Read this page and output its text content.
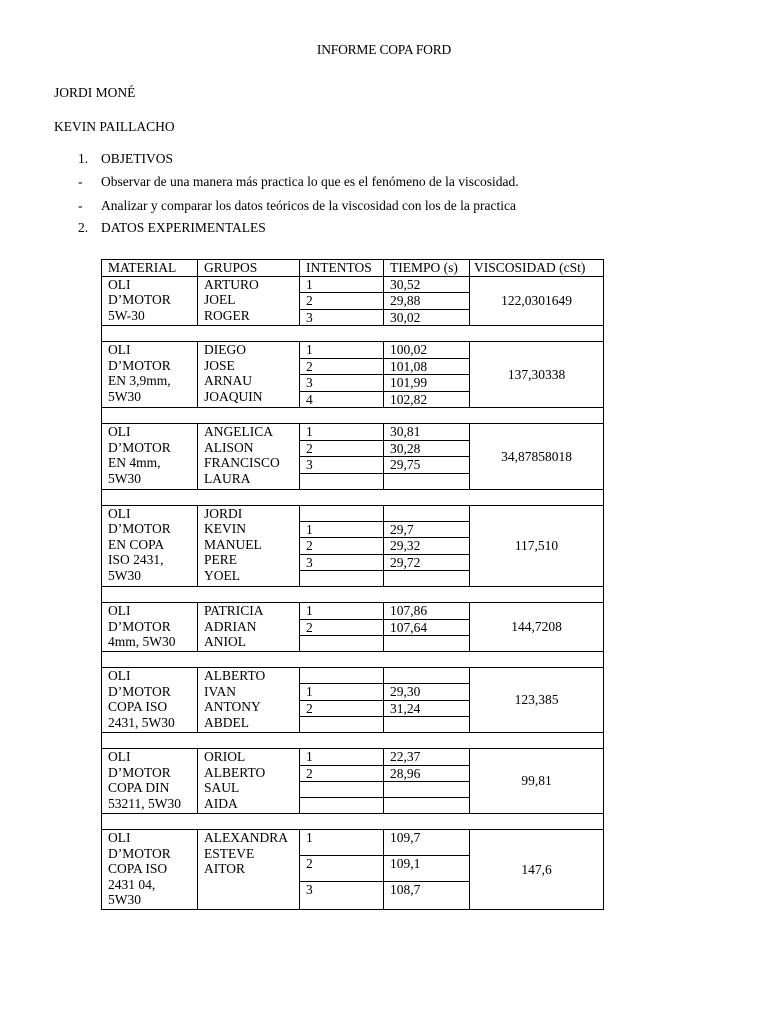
INFORME COPA FORD
JORDI MONÉ
KEVIN PAILLACHO
1. OBJETIVOS
- Observar de una manera más practica lo que es el fenómeno de la viscosidad.
- Analizar y comparar los datos teóricos de la viscosidad con los de la practica
2. DATOS EXPERIMENTALES
MATERIAL	GRUPOS	INTENTOS	TIEMPO (s)	VISCOSIDAD (cSt)

OLI
D’MOTOR
5W-30	ARTURO
JOEL
ROGER	1	30,52	122,0301649
		2	29,88	
		3	30,02	

OLI
D’MOTOR
EN 3,9mm,
5W30	DIEGO
JOSE
ARNAU
JOAQUIN	1	100,02	137,30338
		2	101,08	
		3	101,99	
		4	102,82	

OLI
D’MOTOR
EN 4mm,
5W30	ANGELICA
ALISON
FRANCISCO
LAURA	1	30,81	34,87858018
		2	30,28	
		3	29,75	

OLI
D’MOTOR
EN COPA
ISO 2431,
5W30	JORDI
KEVIN
MANUEL
PERE
YOEL			117,510
		1	29,7	
		2	29,32	
		3	29,72	

OLI
D’MOTOR
4mm, 5W30	PATRICIA
ADRIAN
ANIOL	1	107,86	144,7208
		2	107,64	

OLI
D’MOTOR
COPA ISO
2431, 5W30	ALBERTO
IVAN
ANTONY
ABDEL			123,385
		1	29,30	
		2	31,24	

OLI
D’MOTOR
COPA DIN
53211, 5W30	ORIOL
ALBERTO
SAUL
AIDA	1	22,37	99,81
		2	28,96	

OLI
D’MOTOR
COPA ISO
2431 04,
5W30	ALEXANDRA
ESTEVE
AITOR	1	109,7	147,6
		2	109,1	
		3	108,7	
